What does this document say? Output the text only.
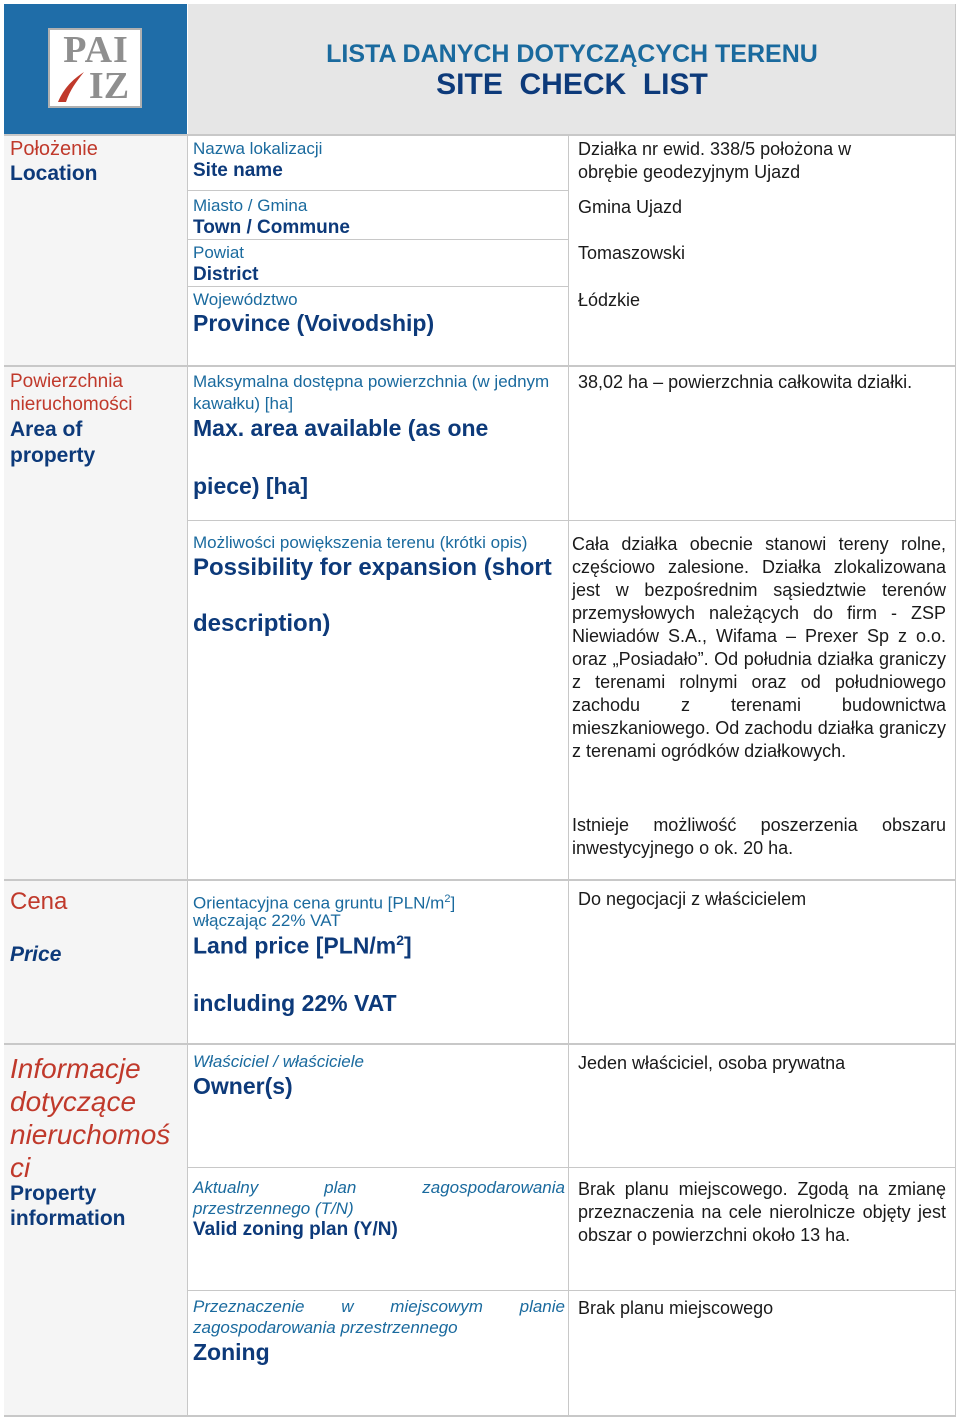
PAI
IZ
LISTA DANYCH DOTYCZĄCYCH TERENU
SITE  CHECK  LIST
Położenie
Location
Nazwa lokalizacji
Site name
Działka nr ewid. 338/5 położona w obrębie geodezyjnym Ujazd
Miasto / Gmina
Town / Commune
Gmina Ujazd
Powiat
District
Tomaszowski
Województwo
Province (Voivodship)
Łódzkie
Powierzchnia
nieruchomości
Area of
property
Maksymalna dostępna powierzchnia (w jednym kawałku) [ha]
Max. area available (as one
piece) [ha]
38,02 ha – powierzchnia całkowita działki.
Możliwości powiększenia terenu (krótki opis)
Possibility for expansion (short
description)
Cała działka obecnie stanowi tereny rolne, częściowo zalesione. Działka zlokalizowana jest w bezpośrednim sąsiedztwie terenów przemysłowych należących do firm - ZSP Niewiadów S.A., Wifama – Prexer Sp z o.o. oraz „Posiadało”. Od południa działka graniczy z terenami rolnymi oraz od południowego zachodu z terenami budownictwa mieszkaniowego. Od zachodu działka graniczy z terenami ogródków działkowych.
Istnieje możliwość poszerzenia obszaru inwestycyjnego o ok. 20 ha.
Cena
Price
Orientacyjna cena gruntu $[PLN/m^2]$
włączając 22% VAT
Land price $[PLN/m^2]$
including 22% VAT
Do negocjacji z właścicielem
Informacje
dotyczące
nieruchomoś
ci
Property
information
Właściciel / właściciele
Owner(s)
Jeden właściciel, osoba prywatna
Aktualny plan zagospodarowania
przestrzennego (T/N)
Valid zoning plan (Y/N)
Brak planu miejscowego. Zgodą na zmianę przeznaczenia na cele nierolnicze objęty jest obszar o powierzchni około 13 ha.
Przeznaczenie w miejscowym planie
zagospodarowania przestrzennego
Zoning
Brak planu miejscowego
